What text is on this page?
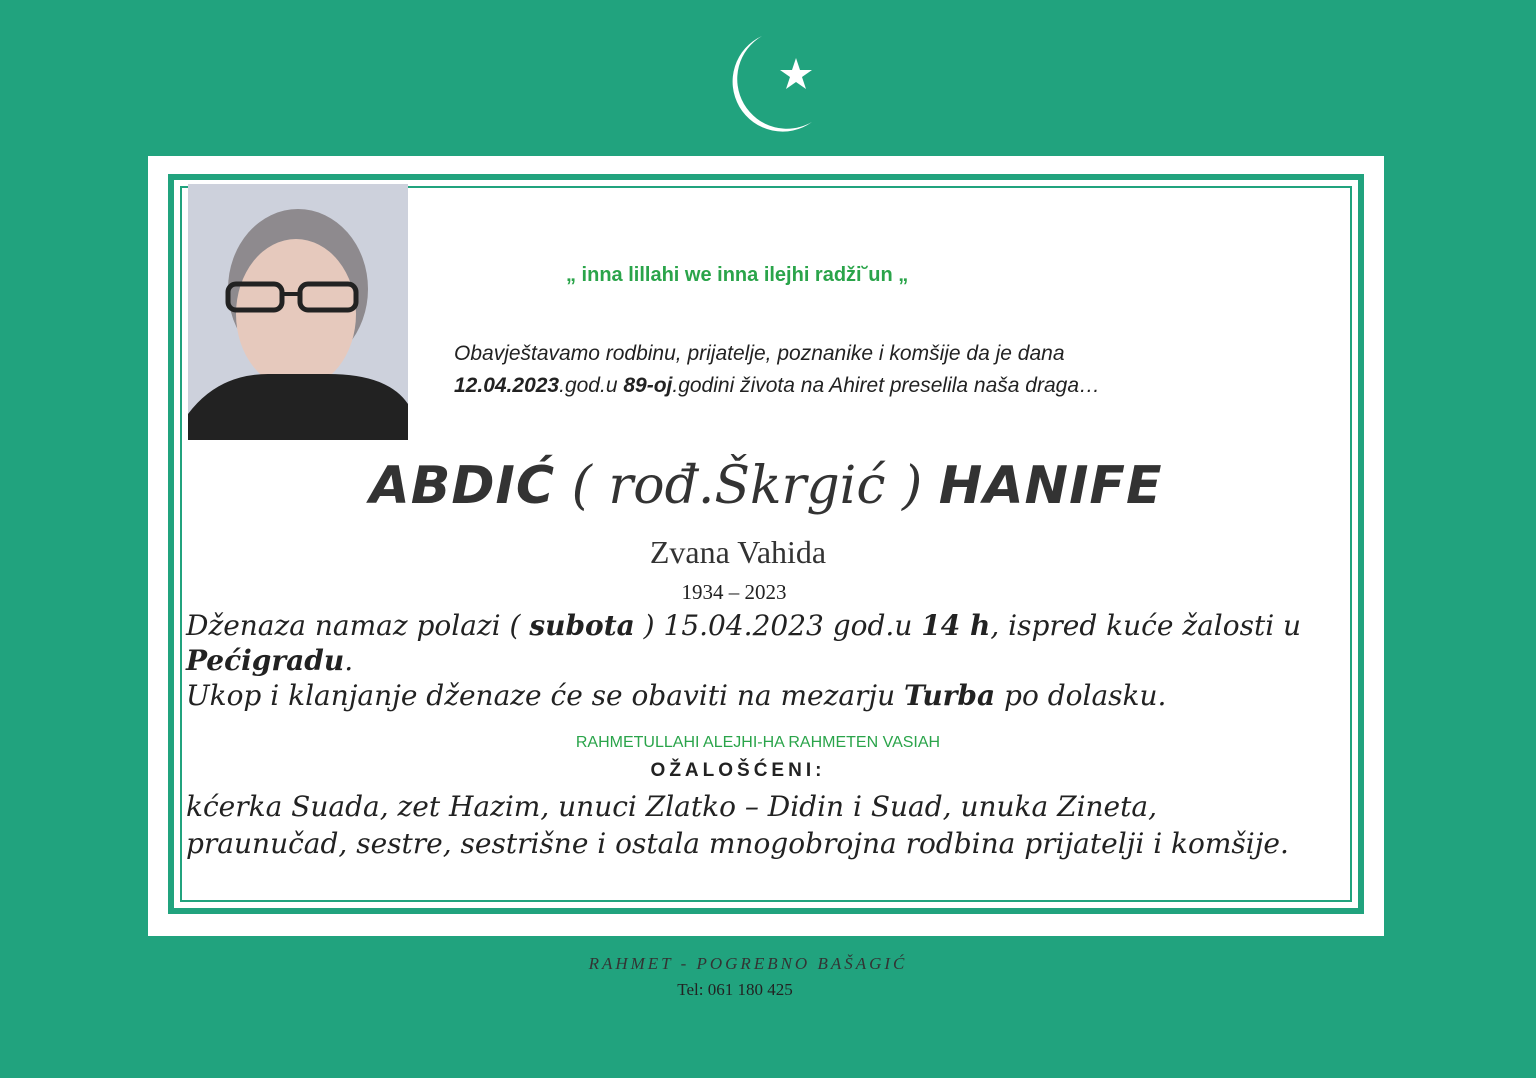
„ inna lillahi we inna ilejhi radži˘un „
Obavještavamo rodbinu, prijatelje, poznanike i komšije da je dana
12.04.2023.god.u 89-oj.godini života na Ahiret preselila naša draga…
ABDIĆ ( rođ.Škrgić ) HANIFE
Zvana Vahida
1934 – 2023

Dženaza namaz polazi ( subota ) 15.04.2023 god.u 14 h, ispred kuće žalosti u Pećigradu.

Ukop i klanjanje dženaze će se obaviti na mezarju Turba po dolasku.

RAHMETULLAHI ALEJHI-HA RAHMETEN VASIAH
OŽALOŠĆENI:
kćerka Suada, zet Hazim, unuci Zlatko – Didin i Suad, unuka Zineta, praunučad, sestre, sestrišne i ostala mnogobrojna rodbina prijatelji i komšije.
RAHMET - POGREBNO BAŠAGIĆ
Tel: 061 180 425
